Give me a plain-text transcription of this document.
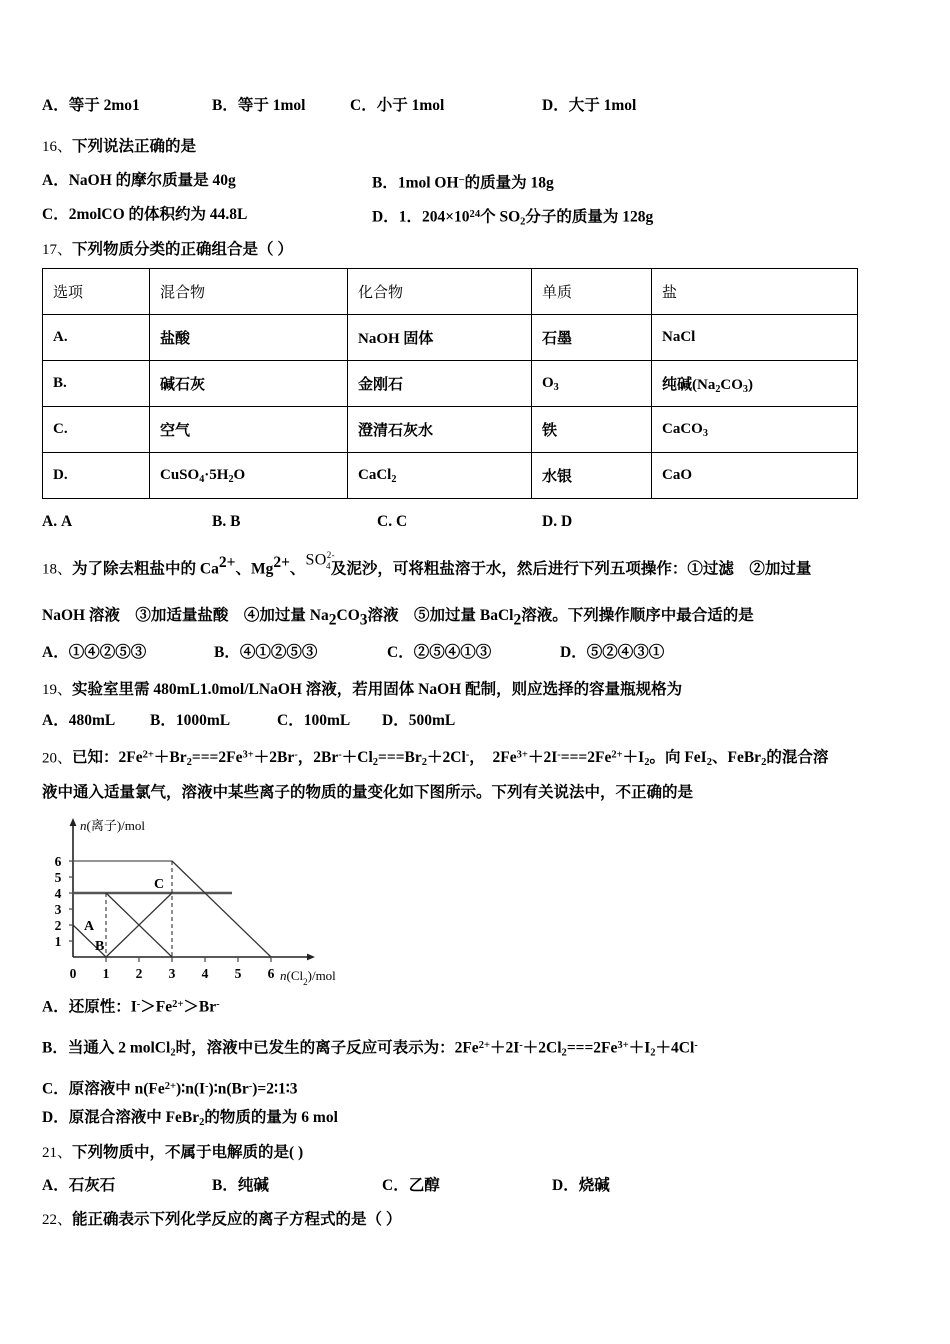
A．等于 2mo1	B．等于 1mol	C．小于 1mol	D．大于 1mol
16、下列说法正确的是
A．NaOH 的摩尔质量是 40g	B．1mol OH−的质量为 18g
C．2molCO 的体积约为 44.8L	D．1．$204\times 10^{24}$个 $SO_2$分子的质量为 128g
17、下列物质分类的正确组合是（ ）
选项	混合物	化合物	单质	盐
A.	盐酸	NaOH 固体	石墨	NaCl
B.	碱石灰	金刚石	$O_3$	纯碱$(Na_2CO_3)$
C.	空气	澄清石灰水	铁	CaCO$_3$
D.	$CuSO_4\cdot 5H_2O$	CaCl$_2$	水银	CaO
A. A	B. B	C. C	D. D
18、为了除去粗盐中的 $Ca^{2+}$、$Mg^{2+}$、$SO^{2-}_4$及泥沙，可将粗盐溶于水，然后进行下列五项操作：①过滤　②加过量
NaOH 溶液　③加适量盐酸　④加过量 $Na_2CO_3$溶液　⑤加过量 BaCl$_2$溶液。下列操作顺序中最合适的是
A．①④②⑤③	B．④①②⑤③	C．②⑤④①③	D．⑤②④③①
19、实验室里需 480mL1.0mol/LNaOH 溶液，若用固体 NaOH 配制，则应选择的容量瓶规格为
A．480mL B．1000mL	C．100mL D．500mL
20、已知：$2Fe^{2+}+Br_2===2Fe^{3+}+2Br^-$，$2Br^-+Cl_2===Br_2+2Cl^-$，　$2Fe^{3+}+2I^-===2Fe^{2+}+I_2$。向 FeI$_2$、FeBr$_2$的混合溶
液中通入适量氯气，溶液中某些离子的物质的量变化如下图所示。下列有关说法中，不正确的是
1
2
3
4
5
6
0 1 2 3 4 5 6
A
B
C
n(离子)/mol
$n(Cl_2)$/mol
A．还原性：$I^->Fe^{2+}>Br^-$
B．当通入 2 molCl$_2$时，溶液中已发生的离子反应可表示为：$2Fe^{2+}+2I^-+2Cl_2===2Fe^{3+}+I_2+4Cl^-$
C．原溶液中 $n(Fe^{2+})∶n(I^-)∶n(Br^-)=2∶1∶3$
D．原混合溶液中 FeBr$_2$的物质的量为 6 mol
21、下列物质中，不属于电解质的是( )
A．石灰石	B．纯碱	C．乙醇	D．烧碱
22、能正确表示下列化学反应的离子方程式的是（ ）
